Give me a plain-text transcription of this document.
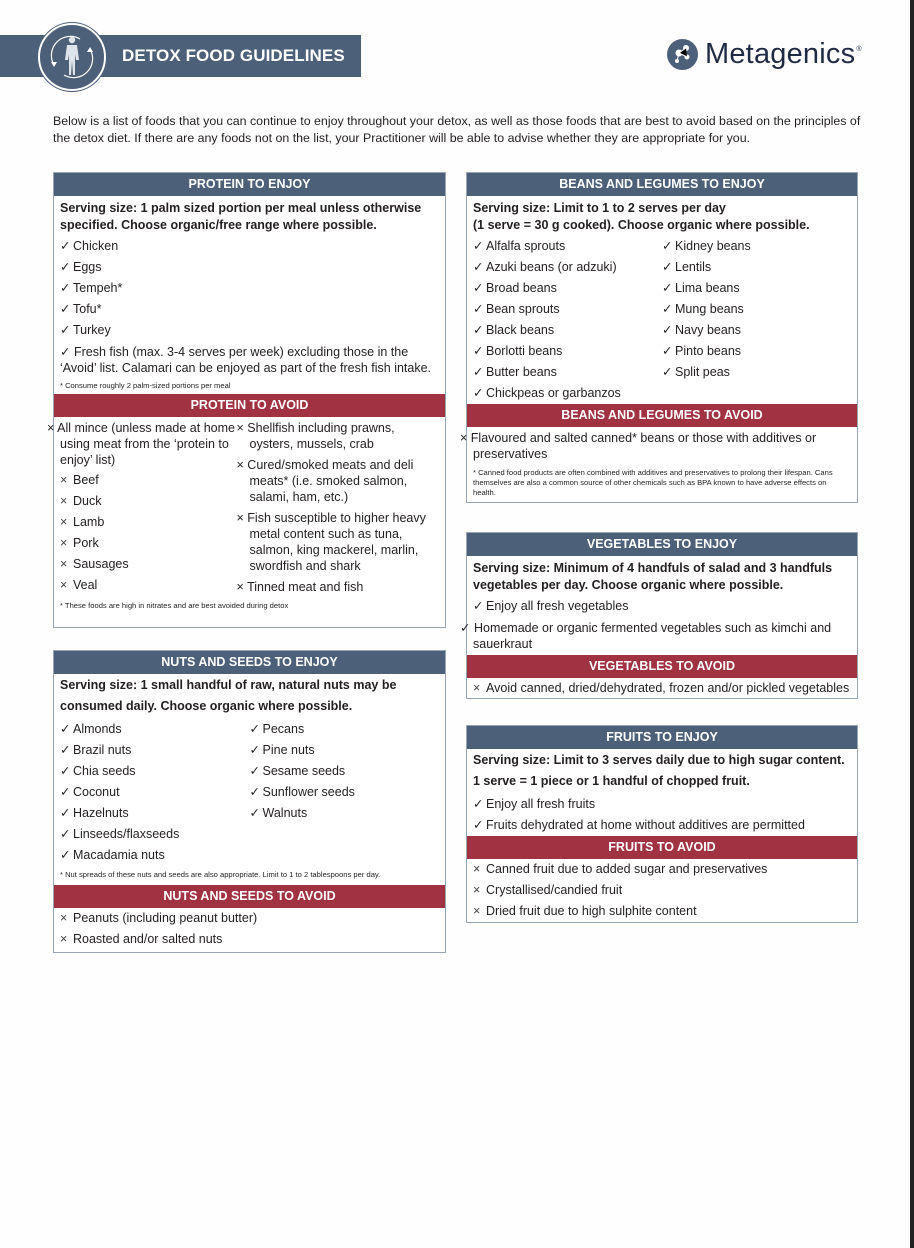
DETOX FOOD GUIDELINES	Metagenics ®
Below is a list of foods that you can continue to enjoy throughout your detox, as well as those foods that are best to avoid based on the principles of the detox diet. If there are any foods not on the list, your Practitioner will be able to advise whether they are appropriate for you.
PROTEIN TO ENJOY
Serving size: 1 palm sized portion per meal unless otherwise specified. Choose organic/free range where possible.
✓ Chicken
✓ Eggs
✓ Tempeh*
✓ Tofu*
✓ Turkey
✓ Fresh fish (max. 3-4 serves per week) excluding those in the ‘Avoid’ list. Calamari can be enjoyed as part of the fresh fish intake.
* Consume roughly 2 palm-sized portions per meal
PROTEIN TO AVOID
× All mince (unless made at home using meat from the ‘protein to enjoy’ list)
× Beef
× Duck
× Lamb
× Pork
× Sausages
× Veal
× Shellfish including prawns, oysters, mussels, crab
× Cured/smoked meats and deli meats* (i.e. smoked salmon, salami, ham, etc.)
× Fish susceptible to higher heavy metal content such as tuna, salmon, king mackerel, marlin, swordfish and shark
× Tinned meat and fish
* These foods are high in nitrates and are best avoided during detox
NUTS AND SEEDS TO ENJOY
Serving size: 1 small handful of raw, natural nuts may be consumed daily. Choose organic where possible.
✓ Almonds
✓ Brazil nuts
✓ Chia seeds
✓ Coconut
✓ Hazelnuts
✓ Linseeds/flaxseeds
✓ Macadamia nuts
✓ Pecans
✓ Pine nuts
✓ Sesame seeds
✓ Sunflower seeds
✓ Walnuts
* Nut spreads of these nuts and seeds are also appropriate. Limit to 1 to 2 tablespoons per day.
NUTS AND SEEDS TO AVOID
× Peanuts (including peanut butter)
× Roasted and/or salted nuts
BEANS AND LEGUMES TO ENJOY
Serving size: Limit to 1 to 2 serves per day
(1 serve = 30 g cooked). Choose organic where possible.
✓ Alfalfa sprouts
✓ Azuki beans (or adzuki)
✓ Broad beans
✓ Bean sprouts
✓ Black beans
✓ Borlotti beans
✓ Butter beans
✓ Chickpeas or garbanzos
✓ Kidney beans
✓ Lentils
✓ Lima beans
✓ Mung beans
✓ Navy beans
✓ Pinto beans
✓ Split peas
BEANS AND LEGUMES TO AVOID
× Flavoured and salted canned* beans or those with additives or preservatives
* Canned food products are often combined with additives and preservatives to prolong their lifespan. Cans themselves are also a common source of other chemicals such as BPA known to have adverse effects on health.
VEGETABLES TO ENJOY
Serving size: Minimum of 4 handfuls of salad and 3 handfuls vegetables per day. Choose organic where possible.
✓ Enjoy all fresh vegetables
✓ Homemade or organic fermented vegetables such as kimchi and sauerkraut
VEGETABLES TO AVOID
× Avoid canned, dried/dehydrated, frozen and/or pickled vegetables
FRUITS TO ENJOY
Serving size: Limit to 3 serves daily due to high sugar content.
1 serve = 1 piece or 1 handful of chopped fruit.
✓ Enjoy all fresh fruits
✓ Fruits dehydrated at home without additives are permitted
FRUITS TO AVOID
× Canned fruit due to added sugar and preservatives
× Crystallised/candied fruit
× Dried fruit due to high sulphite content
